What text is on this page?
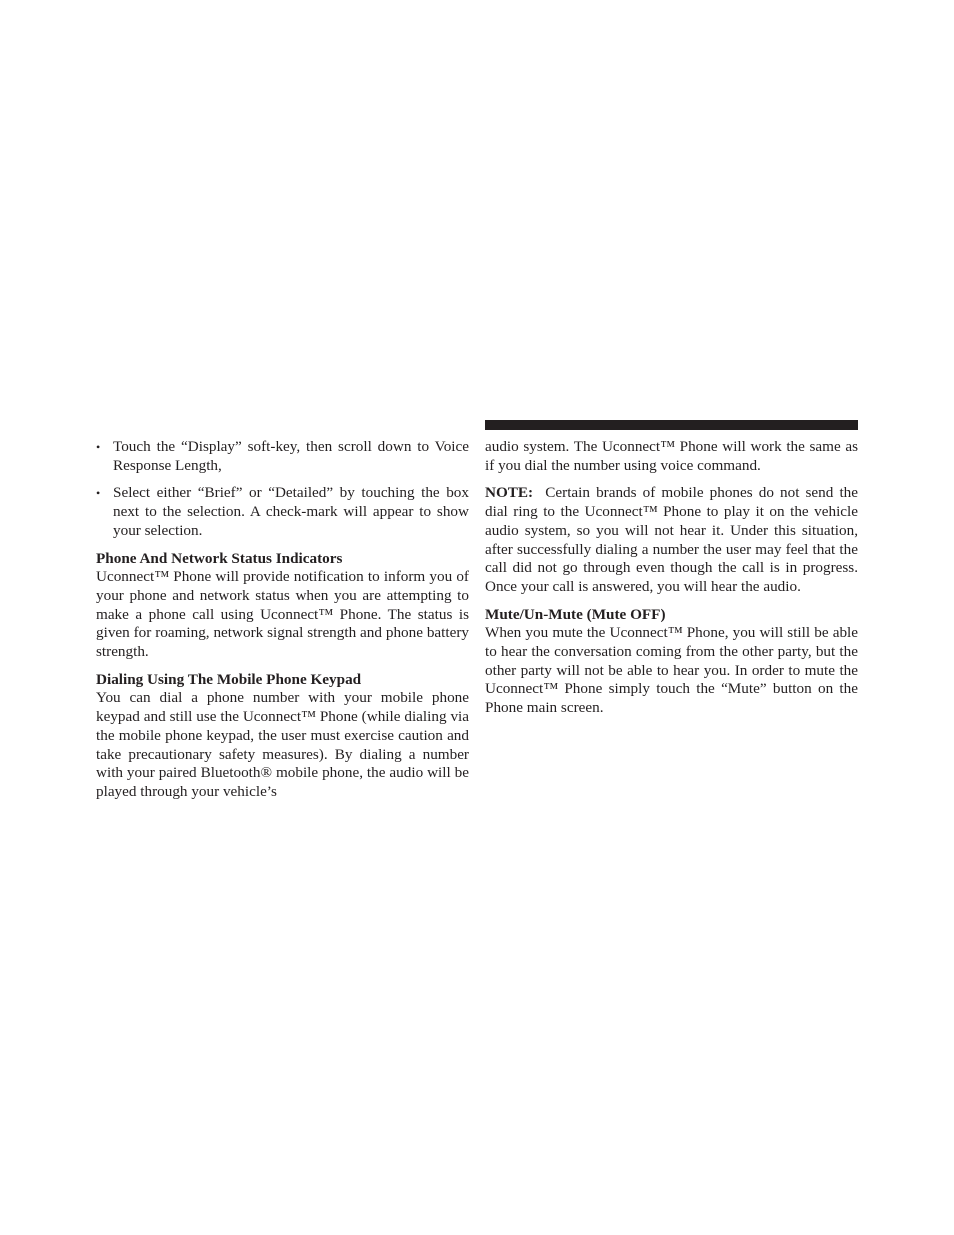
• Touch the “Display” soft-key, then scroll down to Voice Response Length,
• Select either “Brief” or “Detailed” by touching the box next to the selection. A check-mark will appear to show your selection.
Phone And Network Status Indicators

Uconnect™ Phone will provide notification to inform you of your phone and network status when you are attempting to make a phone call using Uconnect™ Phone. The status is given for roaming, network signal strength and phone battery strength.

Dialing Using The Mobile Phone Keypad

You can dial a phone number with your mobile phone keypad and still use the Uconnect™ Phone (while dialing via the mobile phone keypad, the user must exercise caution and take precautionary safety measures). By dialing a number with your paired Bluetooth® mobile phone, the audio will be played through your vehicle’s

audio system. The Uconnect™ Phone will work the same as if you dial the number using voice command.

NOTE: Certain brands of mobile phones do not send the dial ring to the Uconnect™ Phone to play it on the vehicle audio system, so you will not hear it. Under this situation, after successfully dialing a number the user may feel that the call did not go through even though the call is in progress. Once your call is answered, you will hear the audio.

Mute/Un-Mute (Mute OFF)

When you mute the Uconnect™ Phone, you will still be able to hear the conversation coming from the other party, but the other party will not be able to hear you. In order to mute the Uconnect™ Phone simply touch the “Mute” button on the Phone main screen.
